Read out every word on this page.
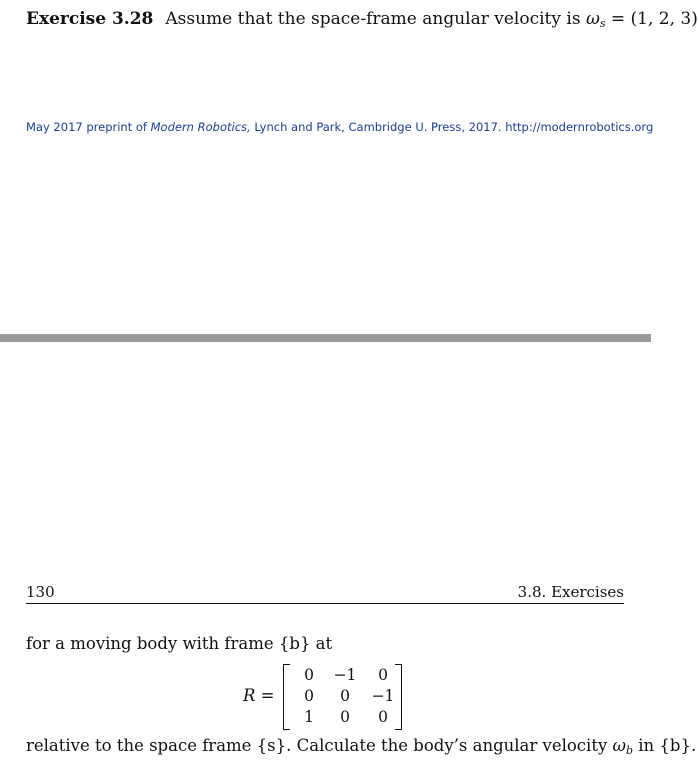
Exercise 3.28 Assume that the space-frame angular velocity is $\omega_s = (1$, 2, 3)
May 2017 preprint of Modern Robotics, Lynch and Park, Cambridge U. Press, 2017. http://modernrobotics.org
130	3.8. Exercises
for a moving body with frame {b} at
R =
0	−1	0
0	0	−1
1	0	0
relative to the space frame {s}. Calculate the body’s angular velocity $\omega_b$ in {b}.
